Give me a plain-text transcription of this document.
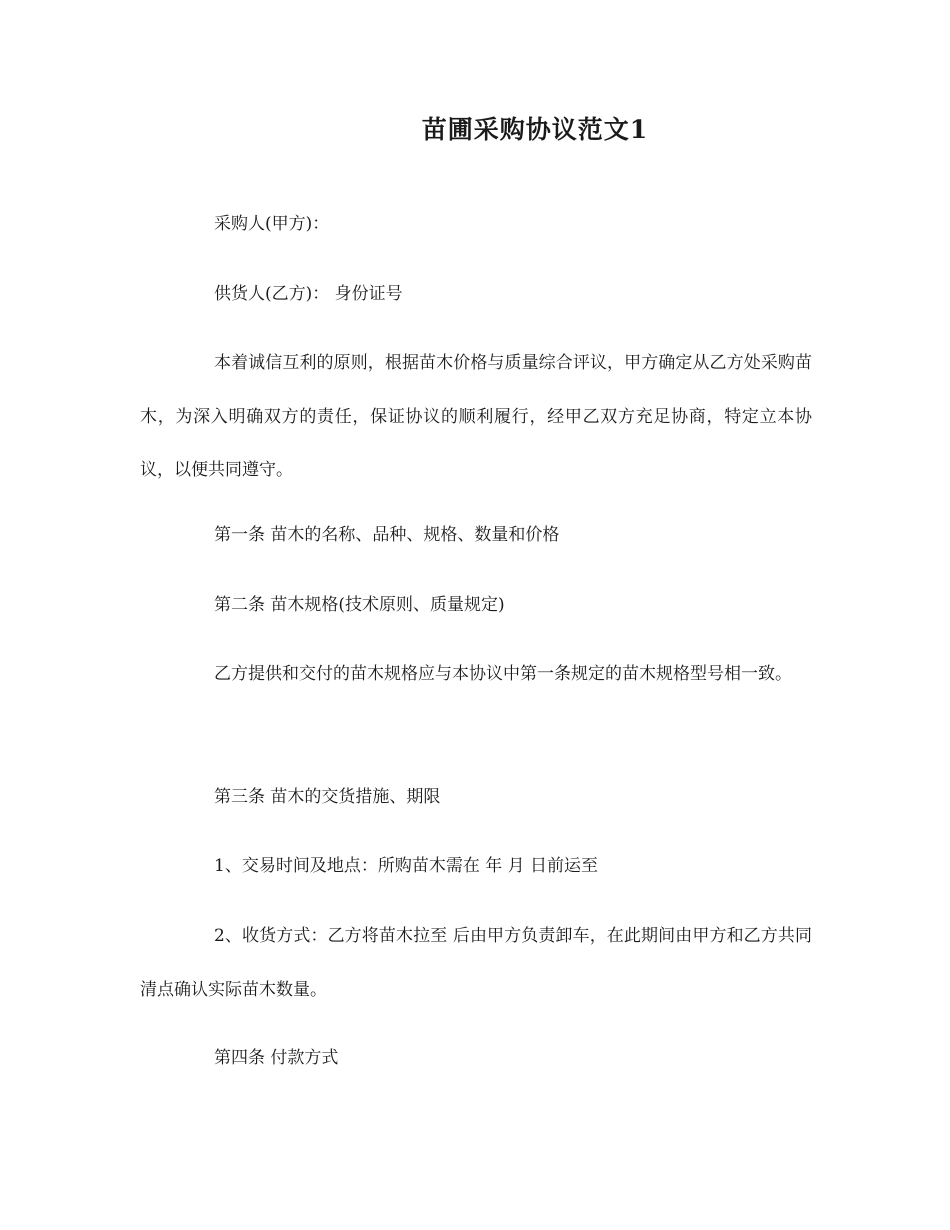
苗圃采购协议范文1

采购人(甲方)：

供货人(乙方)： 身份证号

本着诚信互利的原则，根据苗木价格与质量综合评议，甲方确定从乙方处采购苗木，为深入明确双方的责任，保证协议的顺利履行，经甲乙双方充足协商，特定立本协议，以便共同遵守。

第一条 苗木的名称、品种、规格、数量和价格

第二条 苗木规格(技术原则、质量规定)

乙方提供和交付的苗木规格应与本协议中第一条规定的苗木规格型号相一致。

第三条 苗木的交货措施、期限

1、交易时间及地点：所购苗木需在 年 月 日前运至

2、收货方式：乙方将苗木拉至 后由甲方负责卸车，在此期间由甲方和乙方共同清点确认实际苗木数量。

第四条 付款方式
